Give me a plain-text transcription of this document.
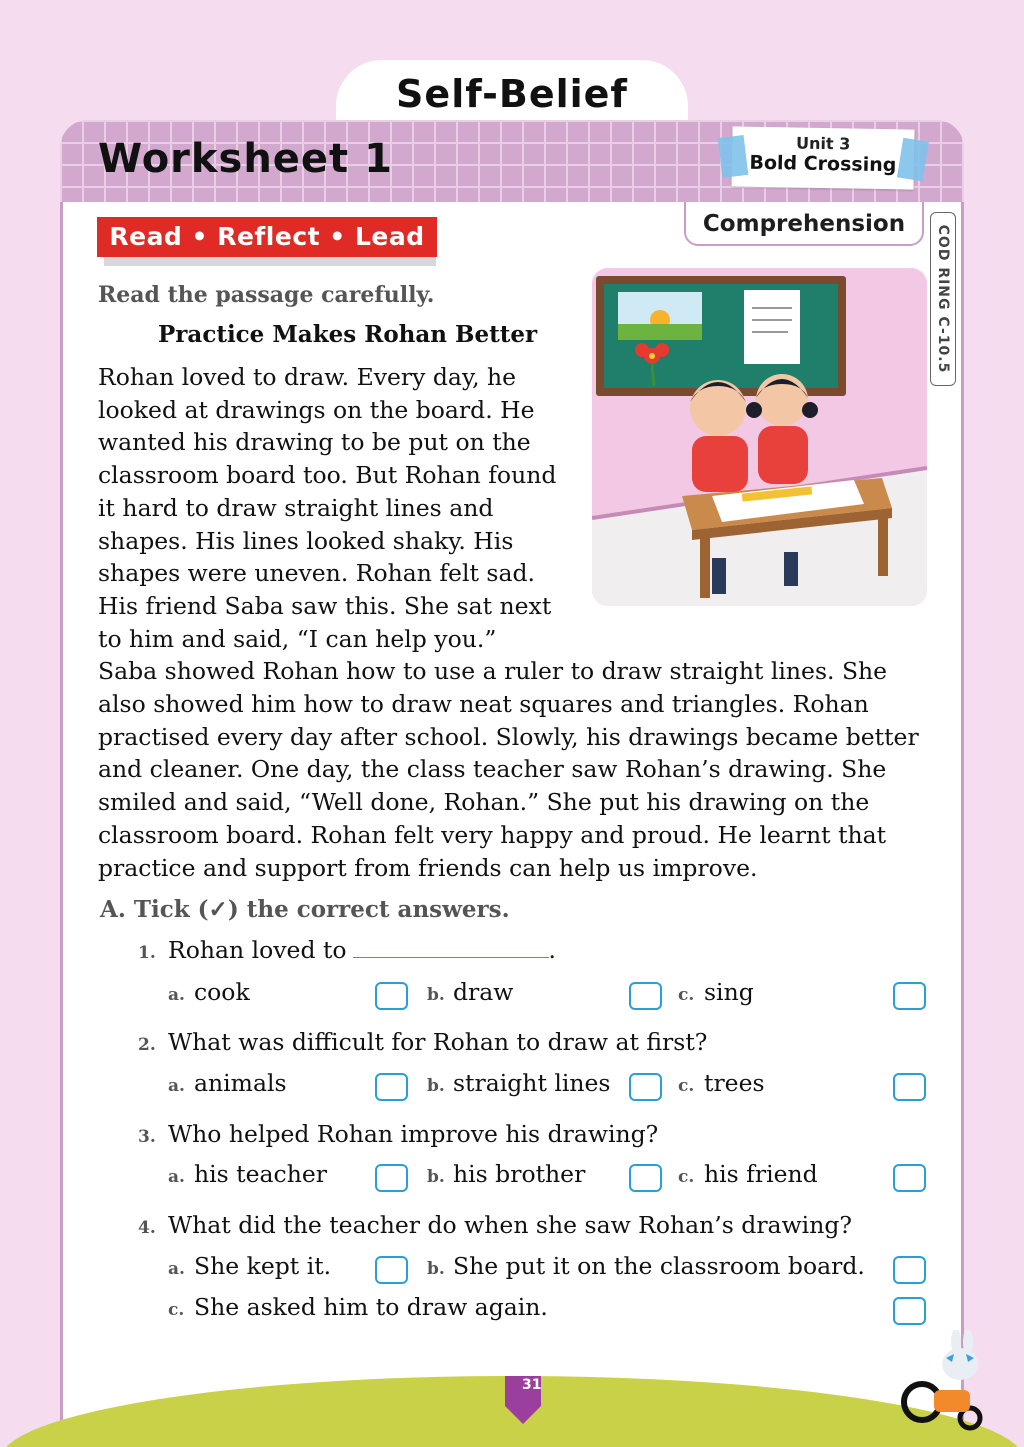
Self-Belief
Worksheet 1	Unit 3
Bold Crossing
Read • Reflect • Lead	Comprehension
COD RING C-10.5
Read the passage carefully.
Practice Makes Rohan Better
Rohan loved to draw. Every day, he looked at drawings on the board. He wanted his drawing to be put on the classroom board too. But Rohan found it hard to draw straight lines and shapes. His lines looked shaky. His shapes were uneven. Rohan felt sad. His friend Saba saw this. She sat next to him and said, “I can help you.” Saba showed Rohan how to use a ruler to draw straight lines. She also showed him how to draw neat squares and triangles. Rohan practised every day after school. Slowly, his drawings became better and cleaner. One day, the class teacher saw Rohan’s drawing. She smiled and said, “Well done, Rohan.” She put his drawing on the classroom board. Rohan felt very happy and proud. He learnt that practice and support from friends can help us improve.
A. Tick (✓) the correct answers.
1. Rohan loved to	.
a. cook	b. draw	c. sing
2. What was difficult for Rohan to draw at first?
a. animals	b. straight lines	c. trees
3. Who helped Rohan improve his drawing?
a. his teacher	b. his brother	c. his friend
4. What did the teacher do when she saw Rohan’s drawing?
a. She kept it.	b. She put it on the classroom board.
c. She asked him to draw again.
31
